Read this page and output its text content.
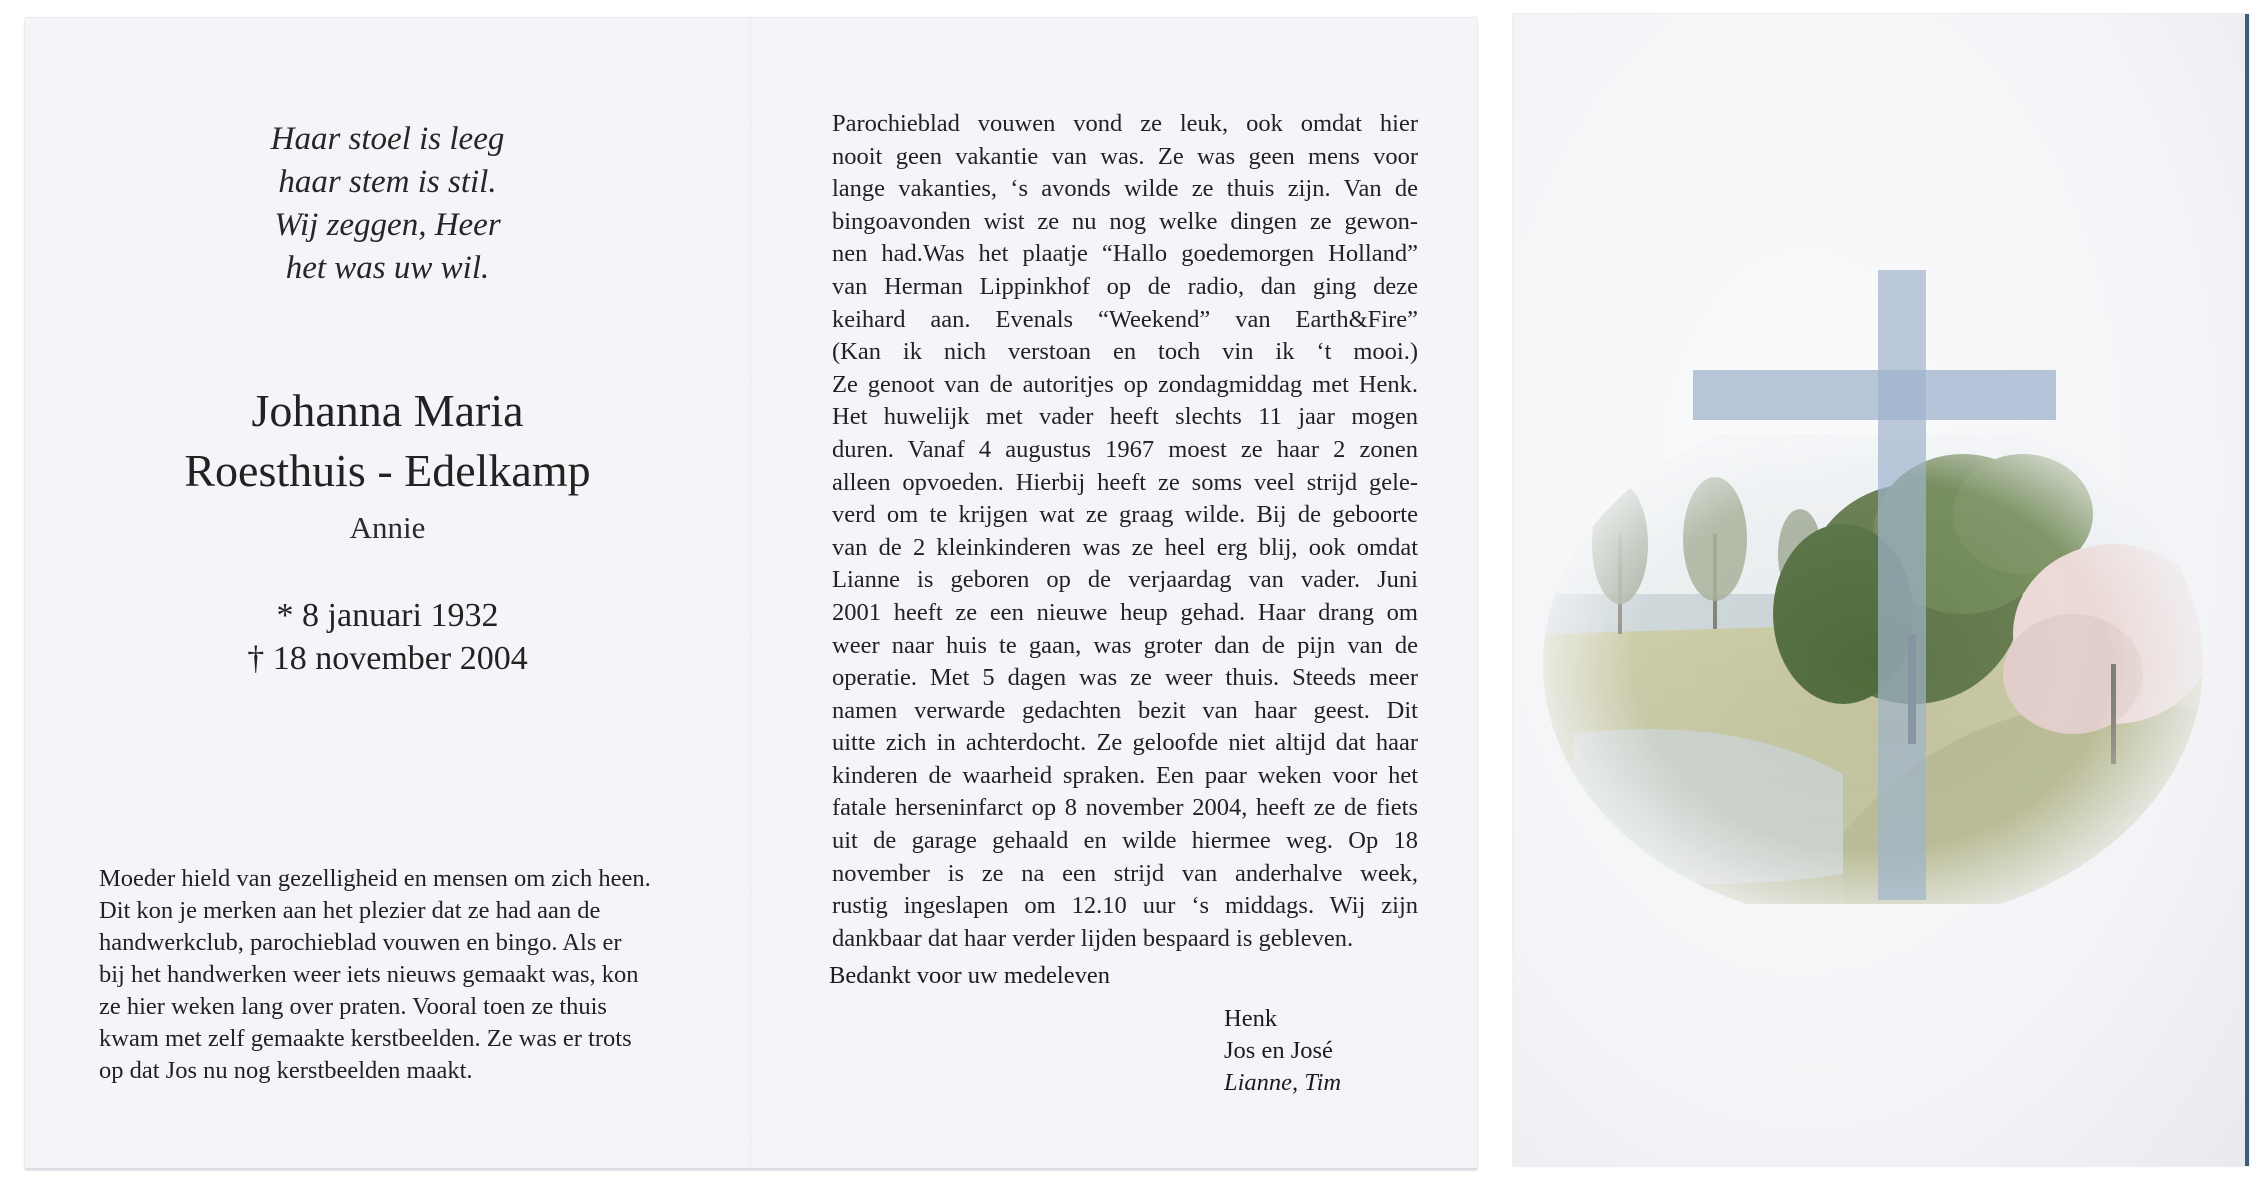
Haar stoel is leeg
haar stem is stil.
Wij zeggen, Heer
het was uw wil.
Johanna Maria
Roesthuis - Edelkamp
Annie
* 8 januari 1932
† 18 november 2004
Moeder hield van gezelligheid en mensen om zich heen.
Dit kon je merken aan het plezier dat ze had aan de
handwerkclub, parochieblad vouwen en bingo. Als er
bij het handwerken weer iets nieuws gemaakt was, kon
ze hier weken lang over praten. Vooral toen ze thuis
kwam met zelf gemaakte kerstbeelden. Ze was er trots
op dat Jos nu nog kerstbeelden maakt.
Parochieblad vouwen vond ze leuk, ook omdat hier
nooit geen vakantie van was. Ze was geen mens voor
lange vakanties, ‘s avonds wilde ze thuis zijn. Van de
bingoavonden wist ze nu nog welke dingen ze gewon-
nen had.Was het plaatje “Hallo goedemorgen Holland”
van Herman Lippinkhof op de radio, dan ging deze
keihard aan. Evenals “Weekend” van Earth&Fire”
(Kan ik nich verstoan en toch vin ik ‘t mooi.)
Ze genoot van de autoritjes op zondagmiddag met Henk.
Het huwelijk met vader heeft slechts 11 jaar mogen
duren. Vanaf 4 augustus 1967 moest ze haar 2 zonen
alleen opvoeden. Hierbij heeft ze soms veel strijd gele-
verd om te krijgen wat ze graag wilde. Bij de geboorte
van de 2 kleinkinderen was ze heel erg blij, ook omdat
Lianne is geboren op de verjaardag van vader. Juni
2001 heeft ze een nieuwe heup gehad. Haar drang om
weer naar huis te gaan, was groter dan de pijn van de
operatie. Met 5 dagen was ze weer thuis. Steeds meer
namen verwarde gedachten bezit van haar geest. Dit
uitte zich in achterdocht. Ze geloofde niet altijd dat haar
kinderen de waarheid spraken. Een paar weken voor het
fatale herseninfarct op 8 november 2004, heeft ze de fiets
uit de garage gehaald en wilde hiermee weg. Op 18
november is ze na een strijd van anderhalve week,
rustig ingeslapen om 12.10 uur ‘s middags. Wij zijn
dankbaar dat haar verder lijden bespaard is gebleven.
Bedankt voor uw medeleven
Henk
Jos en José
Lianne, Tim
